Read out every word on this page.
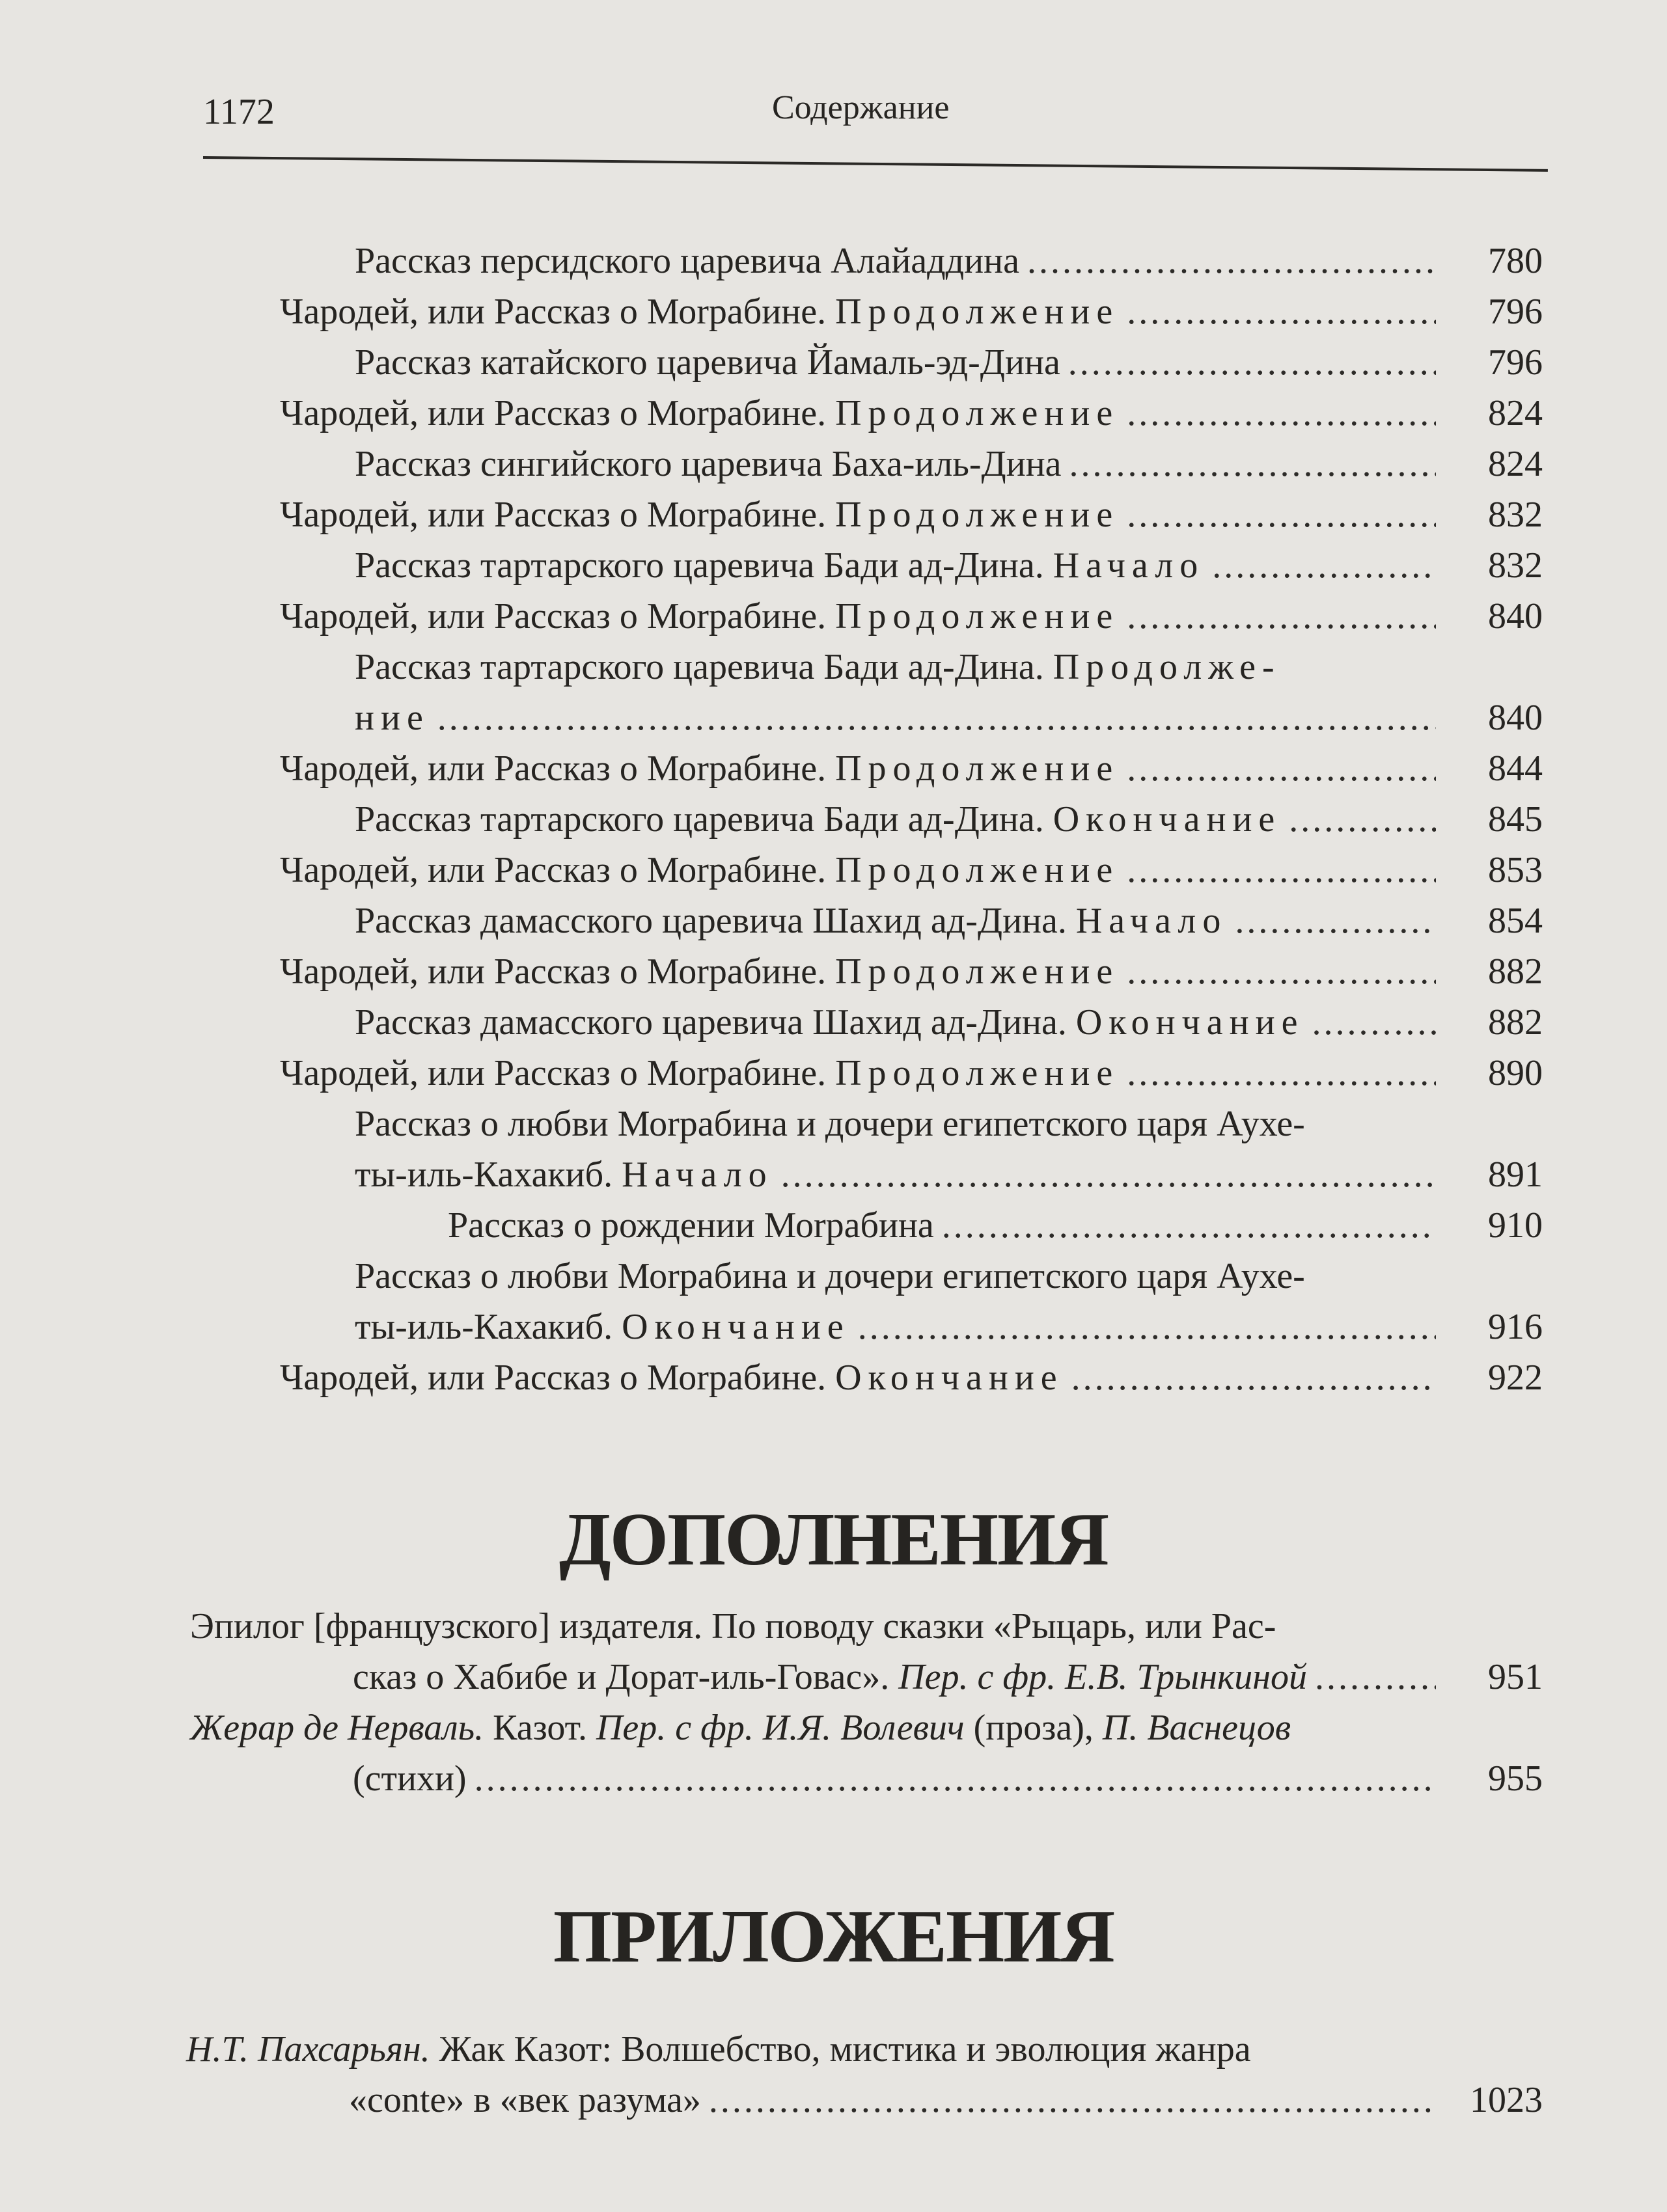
1172	Содержание
Рассказ персидского царевича Алайаддина .....	780
Чародей, или Рассказ о Моrрабине. Продолжение .....	796
Рассказ катайского царевича Йамаль-эд-Дина .....	796
Чародей, или Рассказ о Моrрабине. Продолжение .....	824
Рассказ сингийского царевича Баха-иль-Дина .....	824
Чародей, или Рассказ о Моrрабине. Продолжение .....	832
Рассказ тартарского царевича Бади ад-Дина. Начало .....	832
Чародей, или Рассказ о Моrрабине. Продолжение .....	840
Рассказ тартарского царевича Бади ад-Дина. Продолже-
ние .....	840
Чародей, или Рассказ о Моrрабине. Продолжение .....	844
Рассказ тартарского царевича Бади ад-Дина. Окончание .....	845
Чародей, или Рассказ о Моrрабине. Продолжение .....	853
Рассказ дамасского царевича Шахид ад-Дина. Начало .....	854
Чародей, или Рассказ о Моrрабине. Продолжение .....	882
Рассказ дамасского царевича Шахид ад-Дина. Окончание .....	882
Чародей, или Рассказ о Моrрабине. Продолжение .....	890
Рассказ о любви Моrрабина и дочери египетского царя Аухе-
ты-иль-Кахакиб. Начало .....	891
Рассказ о рождении Моrрабина .....	910
Рассказ о любви Моrрабина и дочери египетского царя Аухе-
ты-иль-Кахакиб. Окончание .....	916
Чародей, или Рассказ о Моrрабине. Окончание .....	922
ДОПОЛНЕНИЯ
Эпилог [французского] издателя. По поводу сказки «Рыцарь, или Рас-
сказ о Хабибе и Дорат-иль-Говас». Пер. с фр. Е.В. Трынкиной .....	951
Жерар де Нерваль. Казот. Пер. с фр. И.Я. Волевич (проза), П. Васнецов
(стихи) .....	955
ПРИЛОЖЕНИЯ
Н.Т. Пахсарьян. Жак Казот: Волшебство, мистика и эволюция жанра
«conte» в «век разума» .....	1023
